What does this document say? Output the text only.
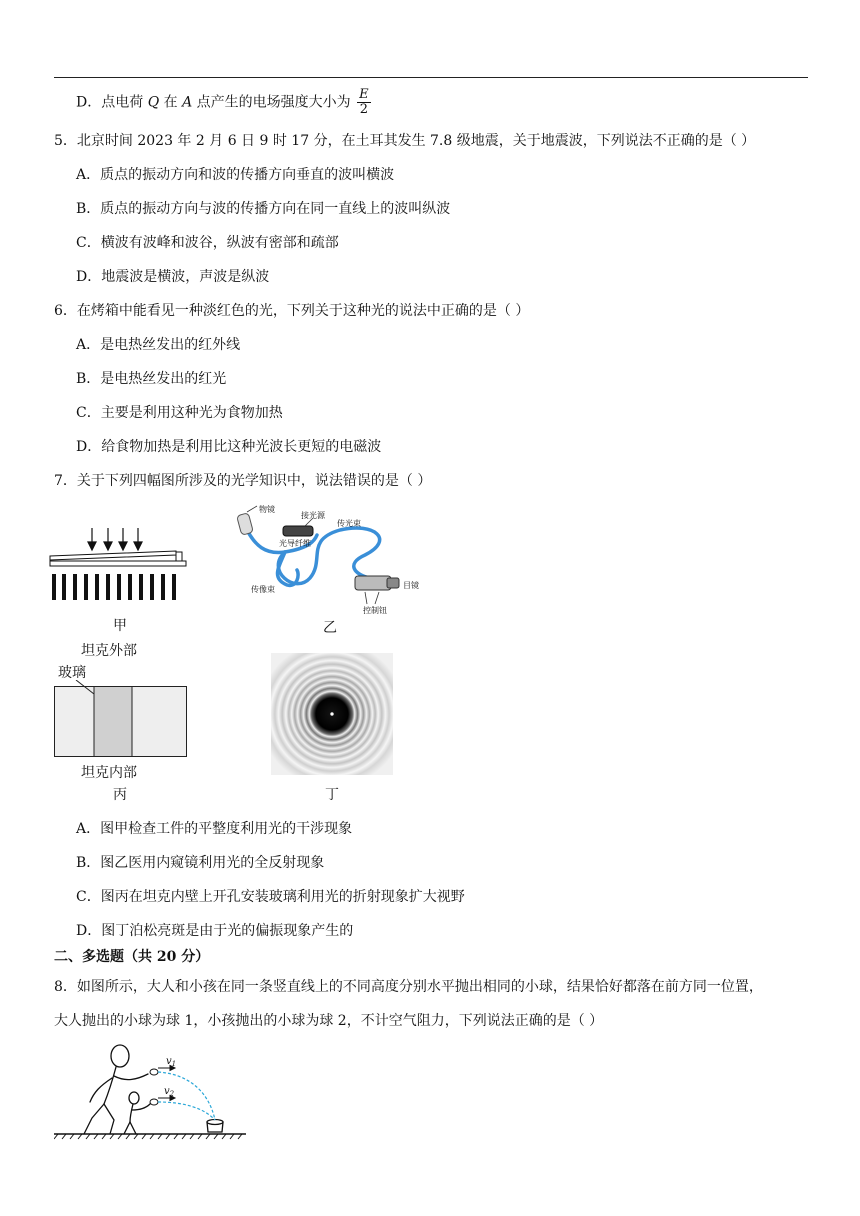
D．点电荷 Q 在 A 点产生的电场强度大小为 $\frac{E}{2}$
5．北京时间 2023 年 2 月 6 日 9 时 17 分，在土耳其发生 7.8 级地震，关于地震波，下列说法不正确的是（ ）
A．质点的振动方向和波的传播方向垂直的波叫横波
B．质点的振动方向与波的传播方向在同一直线上的波叫纵波
C．横波有波峰和波谷，纵波有密部和疏部
D．地震波是横波，声波是纵波
6．在烤箱中能看见一种淡红色的光，下列关于这种光的说法中正确的是（ ）
A．是电热丝发出的红外线
B．是电热丝发出的红光
C．主要是利用这种光为食物加热
D．给食物加热是利用比这种光波长更短的电磁波
7．关于下列四幅图所涉及的光学知识中，说法错误的是（ ）
甲
物镜
接光源
传光束
光导纤维
传像束	目镜
控制钮
乙
坦克外部
玻璃
坦克内部
丙	丁
A．图甲检查工件的平整度利用光的干涉现象
B．图乙医用内窥镜利用光的全反射现象
C．图丙在坦克内壁上开孔安装玻璃利用光的折射现象扩大视野
D．图丁泊松亮斑是由于光的偏振现象产生的
二、多选题（共 20 分）
8．如图所示，大人和小孩在同一条竖直线上的不同高度分别水平抛出相同的小球，结果恰好都落在前方同一位置，
大人抛出的小球为球 1，小孩抛出的小球为球 2，不计空气阻力，下列说法正确的是（ ）
$v_1$
$v_2$
